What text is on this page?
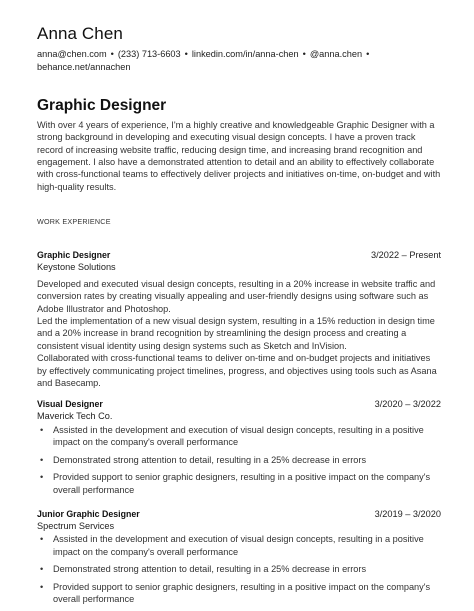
Anna Chen
anna@chen.com • (233) 713-6603 • linkedin.com/in/anna-chen • @anna.chen •
behance.net/annachen
Graphic Designer
With over 4 years of experience, I'm a highly creative and knowledgeable Graphic Designer with a strong background in developing and executing visual design concepts. I have a proven track record of increasing website traffic, reducing design time, and increasing brand recognition and engagement. I also have a demonstrated attention to detail and an ability to effectively collaborate with cross-functional teams to effectively deliver projects and initiatives on-time, on-budget and with high-quality results.
WORK EXPERIENCE
Graphic Designer	3/2022 – Present
Keystone Solutions
Developed and executed visual design concepts, resulting in a 20% increase in website traffic and conversion rates by creating visually appealing and user-friendly designs using software such as Adobe Illustrator and Photoshop.
Led the implementation of a new visual design system, resulting in a 15% reduction in design time and a 20% increase in brand recognition by streamlining the design process and creating a consistent visual identity using design systems such as Sketch and InVision.
Collaborated with cross-functional teams to deliver on-time and on-budget projects and initiatives by effectively communicating project timelines, progress, and objectives using tools such as Asana and Basecamp.
Visual Designer	3/2020 – 3/2022
Maverick Tech Co.
• Assisted in the development and execution of visual design concepts, resulting in a positive impact on the company's overall performance
• Demonstrated strong attention to detail, resulting in a 25% decrease in errors
• Provided support to senior graphic designers, resulting in a positive impact on the company's overall performance
Junior Graphic Designer	3/2019 – 3/2020
Spectrum Services
• Assisted in the development and execution of visual design concepts, resulting in a positive impact on the company's overall performance
• Demonstrated strong attention to detail, resulting in a 25% decrease in errors
• Provided support to senior graphic designers, resulting in a positive impact on the company's overall performance
